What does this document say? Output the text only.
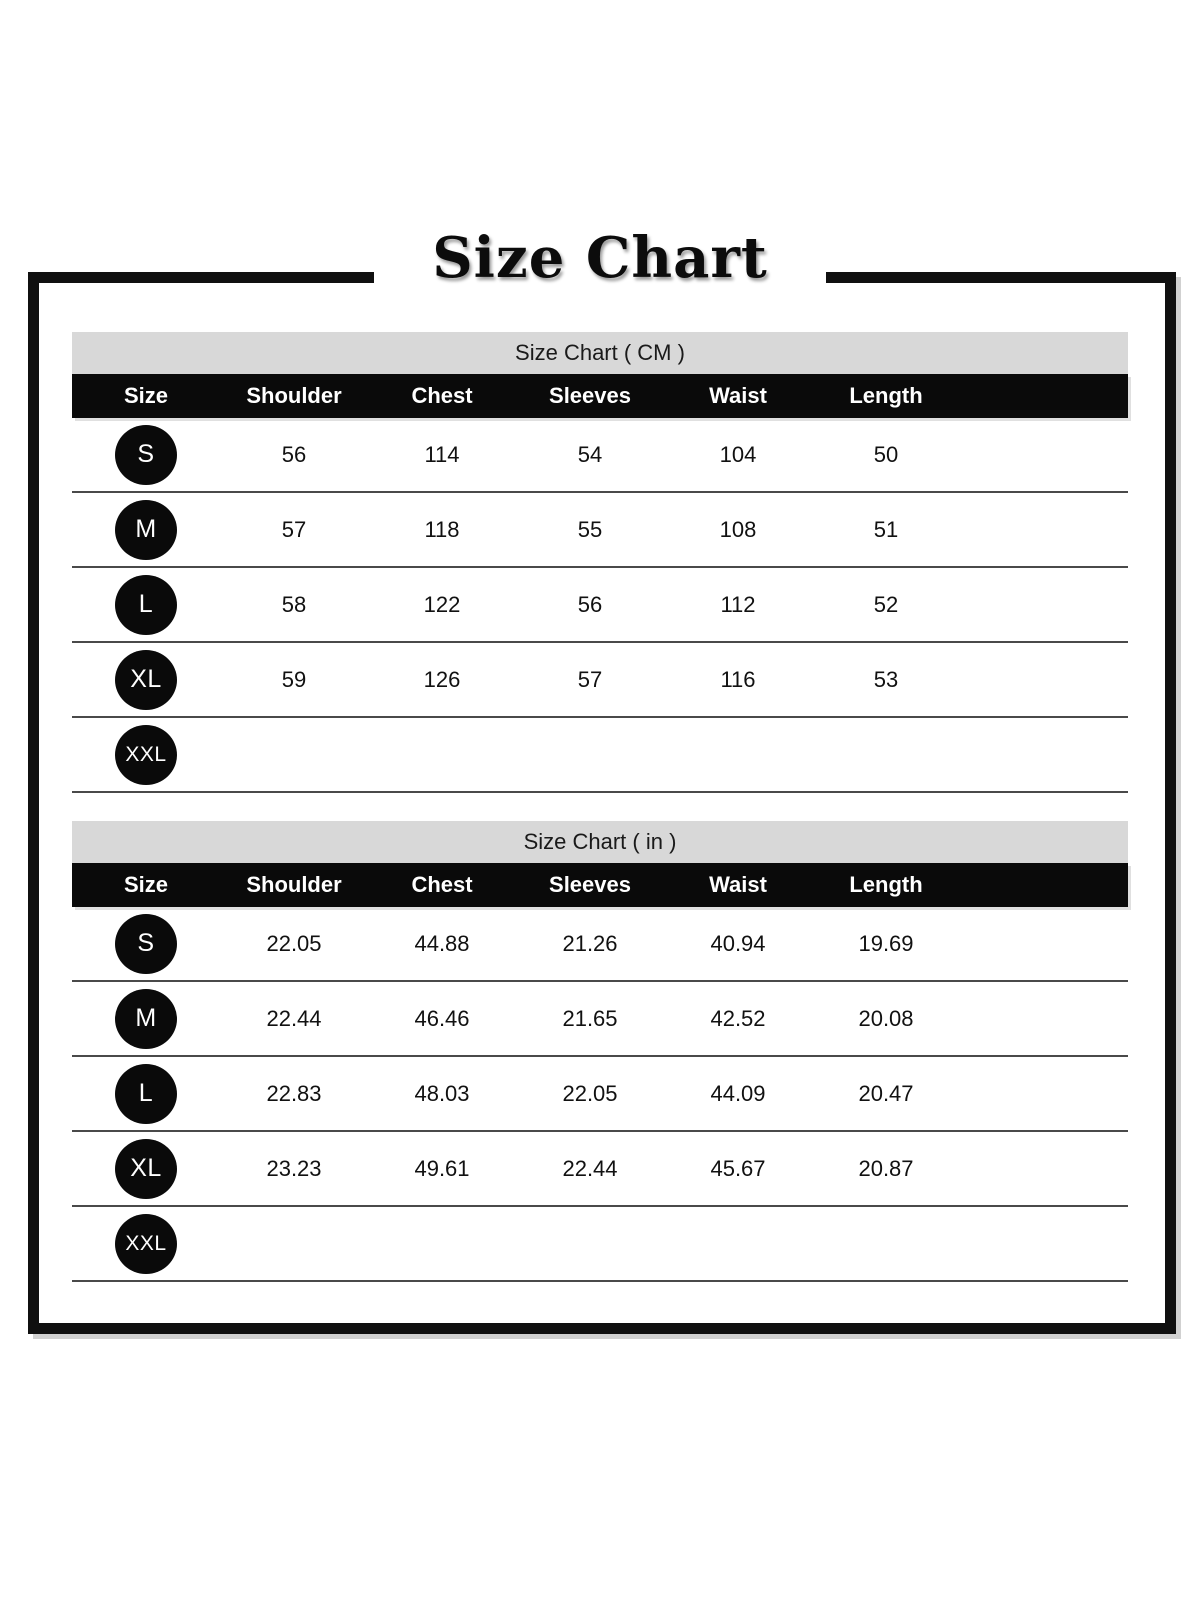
Size Chart
Size Chart ( CM )
Size	Shoulder	Chest	Sleeves	Waist	Length
S	56	114	54	104	50
M	57	118	55	108	51
L	58	122	56	112	52
XL	59	126	57	116	53
XXL
Size Chart ( in )
Size	Shoulder	Chest	Sleeves	Waist	Length
S	22.05	44.88	21.26	40.94	19.69
M	22.44	46.46	21.65	42.52	20.08
L	22.83	48.03	22.05	44.09	20.47
XL	23.23	49.61	22.44	45.67	20.87
XXL
